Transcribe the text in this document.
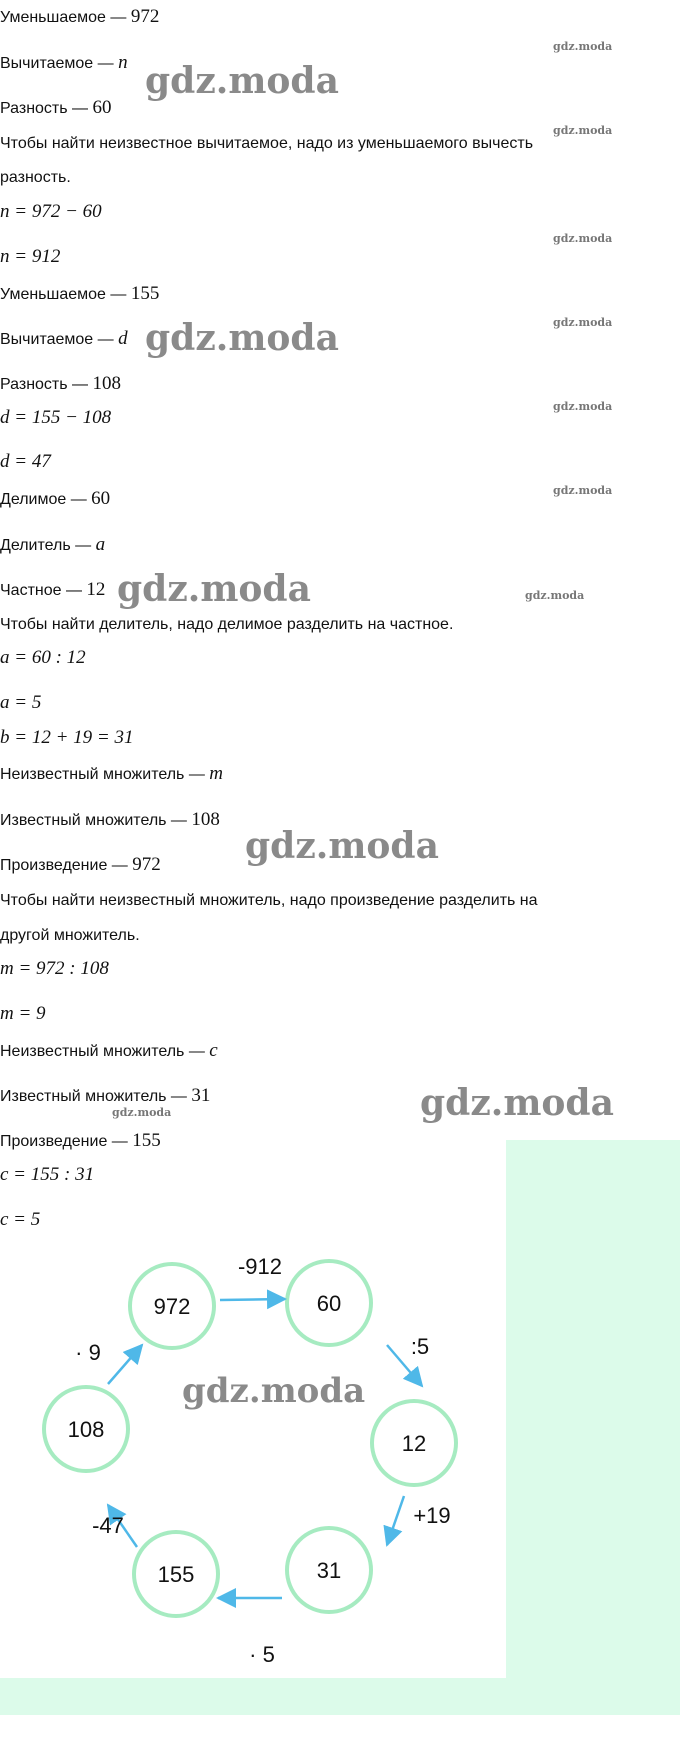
Уменьшаемое — 972
Вычитаемое — n
Разность — 60
Чтобы найти неизвестное вычитаемое, надо из уменьшаемого вычесть
разность.
n = 972 − 60
n = 912
Уменьшаемое — 155
Вычитаемое — d
Разность — 108
d = 155 − 108
d = 47
Делимое — 60
Делитель — a
Частное — 12
Чтобы найти делитель, надо делимое разделить на частное.
a = 60 : 12
a = 5
b = 12 + 19 = 31
Неизвестный множитель — m
Известный множитель — 108
Произведение — 972
Чтобы найти неизвестный множитель, надо произведение разделить на
другой множитель.
m = 972 : 108
m = 9
Неизвестный множитель — c
Известный множитель — 31
Произведение — 155
c = 155 : 31
c = 5
gdz.moda
gdz.moda
gdz.moda
gdz.moda
gdz.moda
gdz.moda
gdz.moda
gdz.moda
gdz.moda
gdz.moda
gdz.moda
gdz.moda
gdz.moda
972	60
12
31
155
108
-912
:5
+19
· 5
-47
· 9
gdz.moda
